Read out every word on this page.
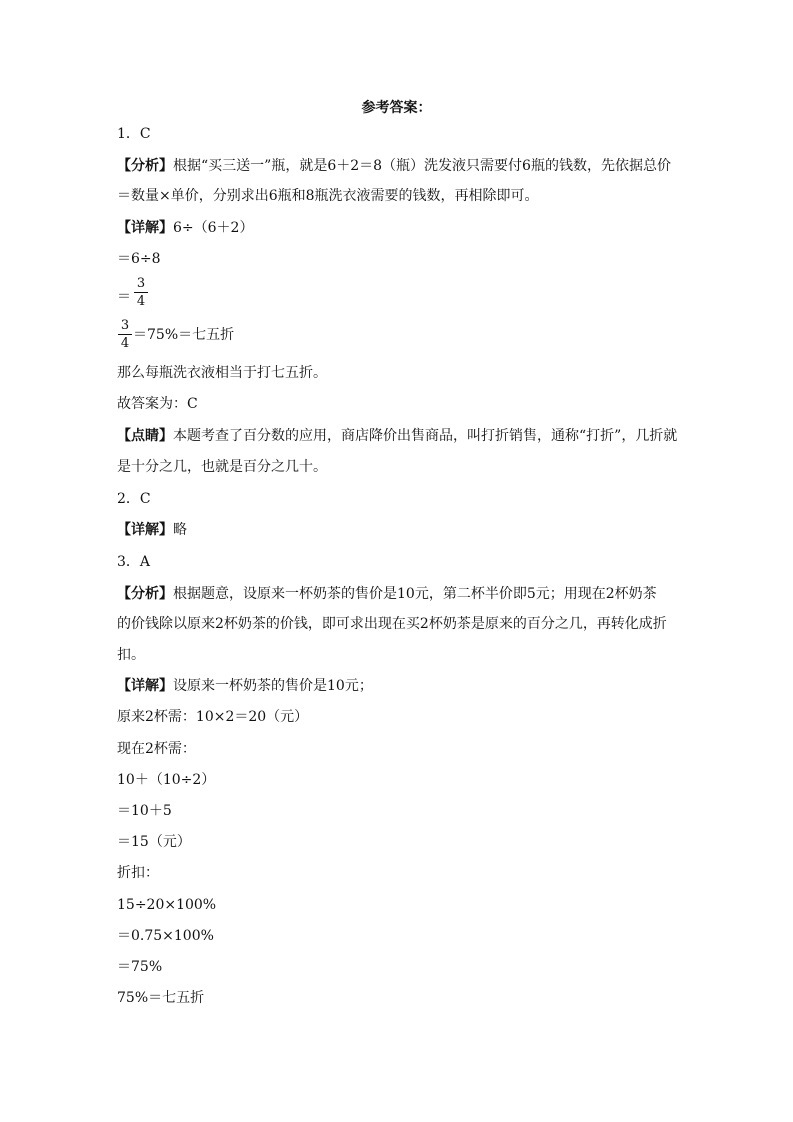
参考答案：
1．C
【分析】根据“买三送一”瓶，就是6＋2＝8（瓶）洗发液只需要付6瓶的钱数，先依据总价
＝数量×单价，分别求出6瓶和8瓶洗衣液需要的钱数，再相除即可。
【详解】6÷（6＋2）
＝6÷8
＝
3
4
3
4
＝75%＝七五折
那么每瓶洗衣液相当于打七五折。
故答案为：C
【点睛】本题考查了百分数的应用，商店降价出售商品，叫打折销售，通称“打折”，几折就
是十分之几，也就是百分之几十。
2．C
【详解】略
3．A
【分析】根据题意，设原来一杯奶茶的售价是10元，第二杯半价即5元；用现在2杯奶茶
的价钱除以原来2杯奶茶的价钱，即可求出现在买2杯奶茶是原来的百分之几，再转化成折
扣。
【详解】设原来一杯奶茶的售价是10元；
原来2杯需：10×2＝20（元）
现在2杯需：
10＋（10÷2）
＝10＋5
＝15（元）
折扣：
15÷20×100%
＝0.75×100%
＝75%
75%＝七五折
